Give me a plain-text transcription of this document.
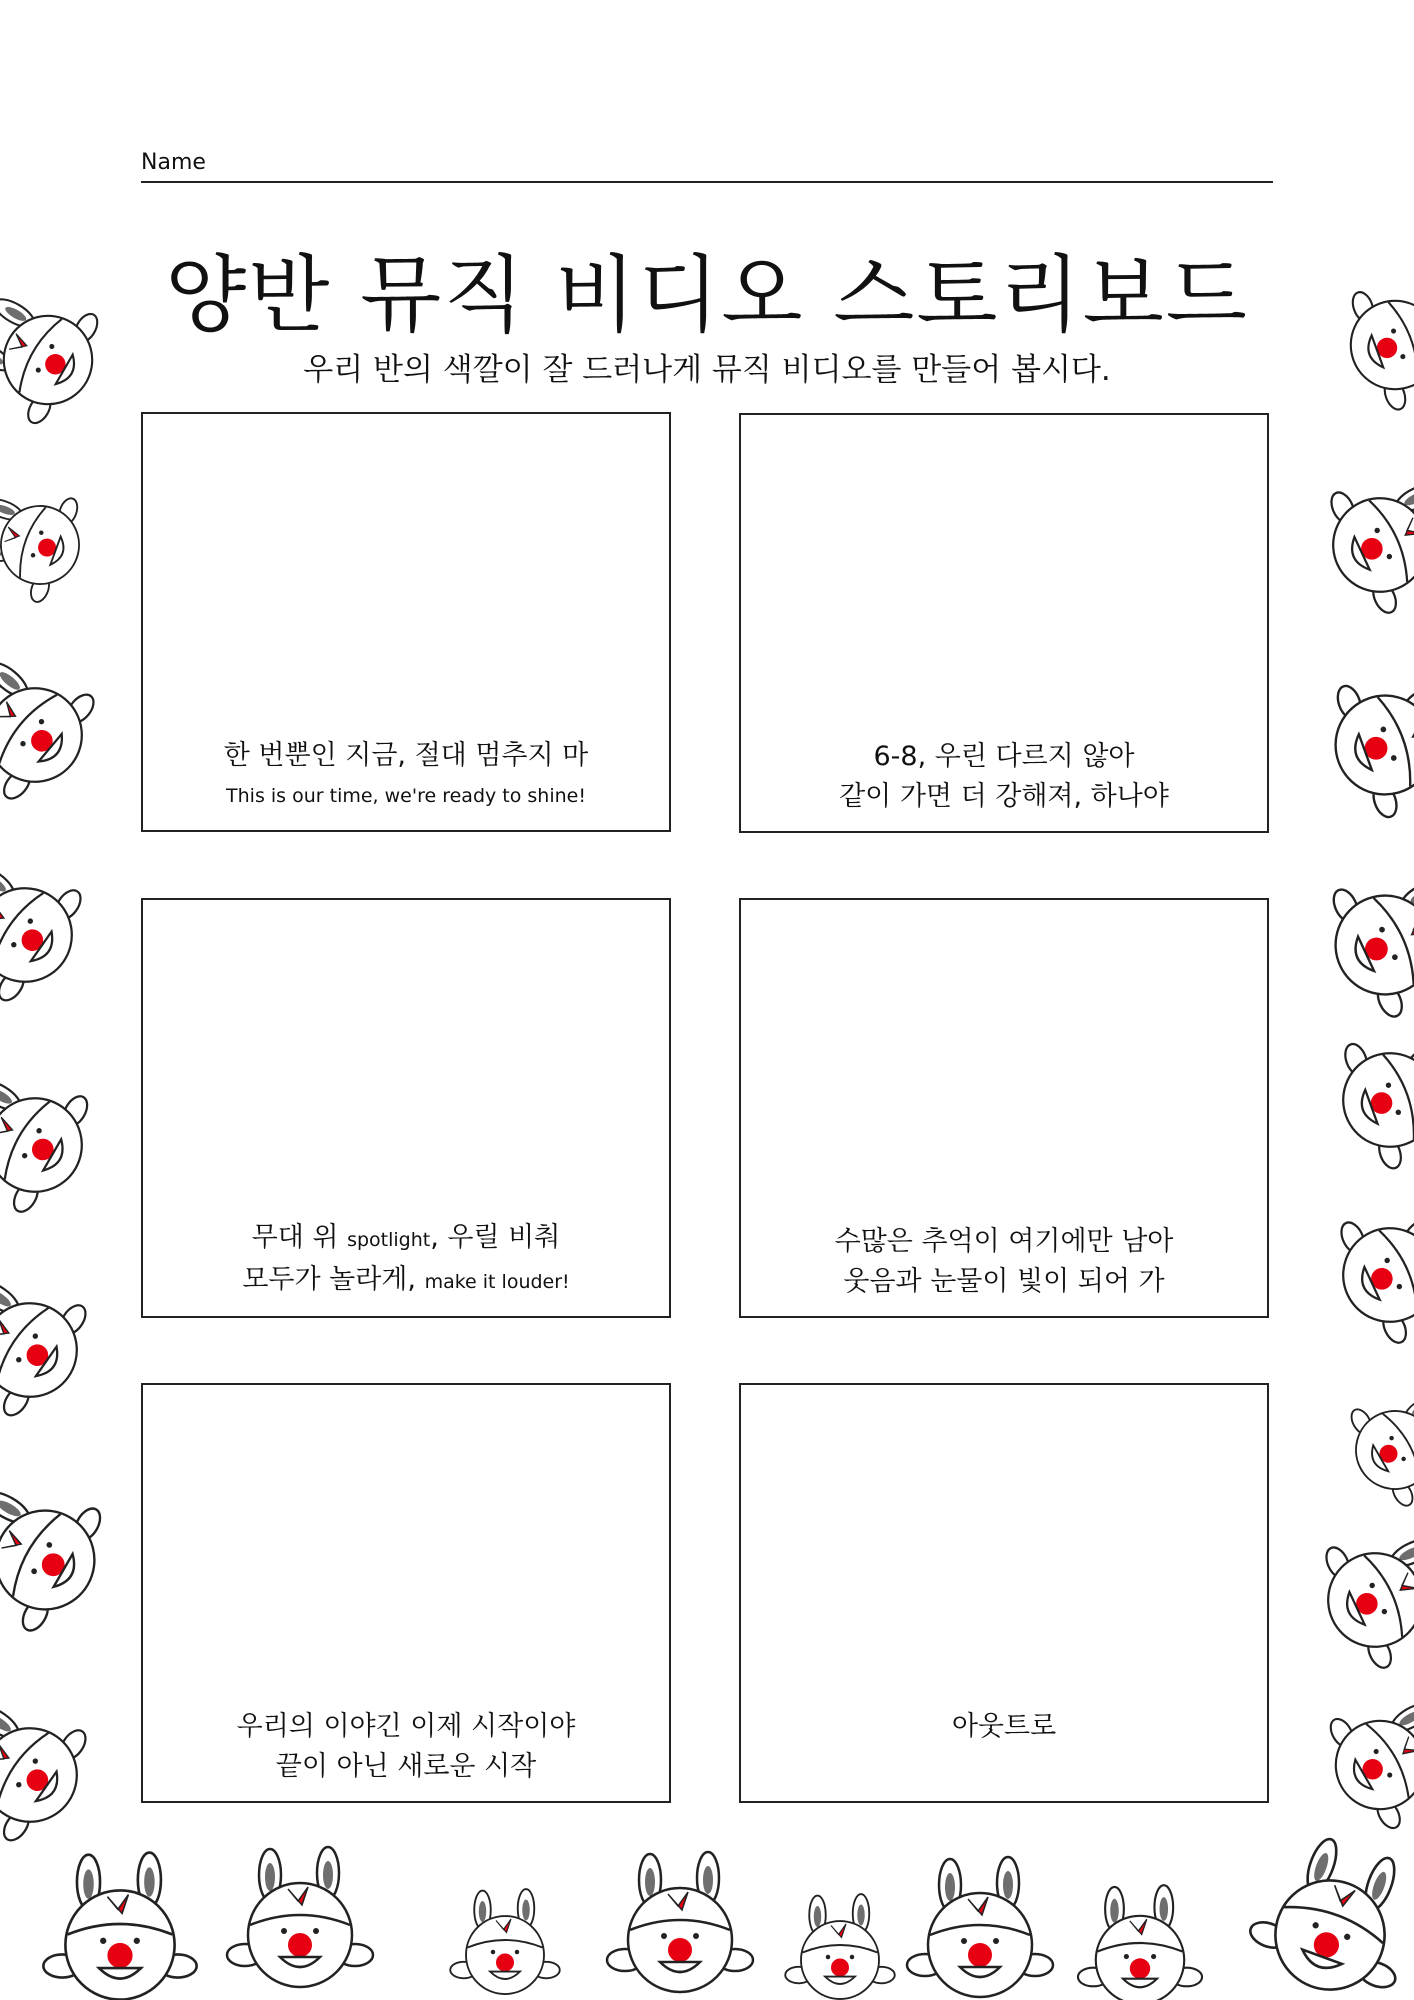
Name
양반 뮤직 비디오 스토리보드
우리 반의 색깔이 잘 드러나게 뮤직 비디오를 만들어 봅시다.
한 번뿐인 지금, 절대 멈추지 마
This is our time, we're ready to shine!
6-8, 우린 다르지 않아
같이 가면 더 강해져, 하나야
무대 위 spotlight, 우릴 비춰
모두가 놀라게, make it louder!
수많은 추억이 여기에만 남아
웃음과 눈물이 빛이 되어 가
우리의 이야긴 이제 시작이야
끝이 아닌 새로운 시작
아웃트로
